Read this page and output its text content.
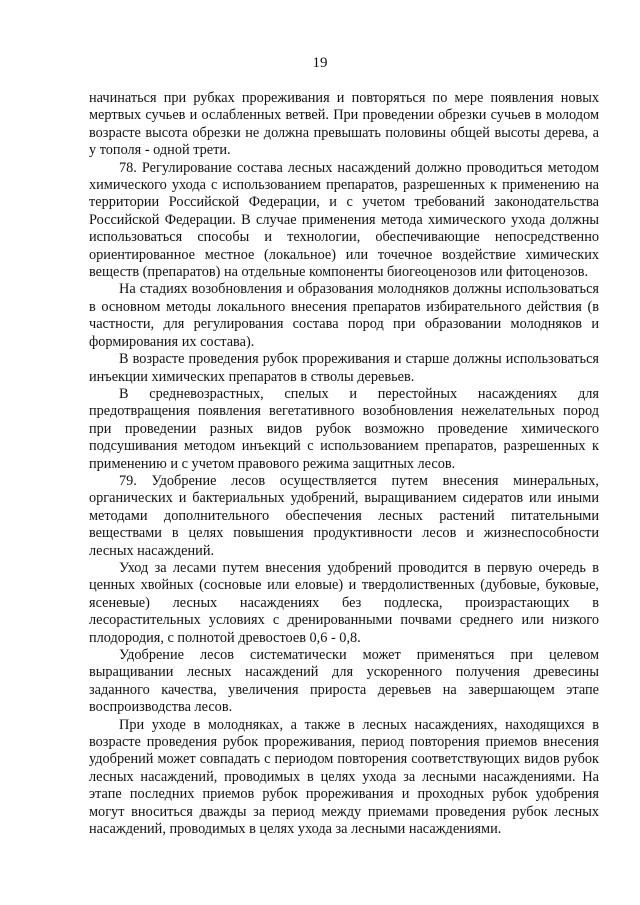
19

начинаться при рубках прореживания и повторяться по мере появления новых мертвых сучьев и ослабленных ветвей. При проведении обрезки сучьев в молодом возрасте высота обрезки не должна превышать половины общей высоты дерева, а у тополя - одной трети.

78. Регулирование состава лесных насаждений должно проводиться методом химического ухода с использованием препаратов, разрешенных к применению на территории Российской Федерации, и с учетом требований законодательства Российской Федерации. В случае применения метода химического ухода должны использоваться способы и технологии, обеспечивающие непосредственно ориентированное местное (локальное) или точечное воздействие химических веществ (препаратов) на отдельные компоненты биогеоценозов или фитоценозов.

На стадиях возобновления и образования молодняков должны использоваться в основном методы локального внесения препаратов избирательного действия (в частности, для регулирования состава пород при образовании молодняков и формирования их состава).

В возрасте проведения рубок прореживания и старше должны использоваться инъекции химических препаратов в стволы деревьев.

В средневозрастных, спелых и перестойных насаждениях для предотвращения появления вегетативного возобновления нежелательных пород при проведении разных видов рубок возможно проведение химического подсушивания методом инъекций с использованием препаратов, разрешенных к применению и с учетом правового режима защитных лесов.

79. Удобрение лесов осуществляется путем внесения минеральных, органических и бактериальных удобрений, выращиванием сидератов или иными методами дополнительного обеспечения лесных растений питательными веществами в целях повышения продуктивности лесов и жизнеспособности лесных насаждений.

Уход за лесами путем внесения удобрений проводится в первую очередь в ценных хвойных (сосновые или еловые) и твердолиственных (дубовые, буковые, ясеневые) лесных насаждениях без подлеска, произрастающих в лесорастительных условиях с дренированными почвами среднего или низкого плодородия, с полнотой древостоев 0,6 - 0,8.

Удобрение лесов систематически может применяться при целевом выращивании лесных насаждений для ускоренного получения древесины заданного качества, увеличения прироста деревьев на завершающем этапе воспроизводства лесов.

При уходе в молодняках, а также в лесных насаждениях, находящихся в возрасте проведения рубок прореживания, период повторения приемов внесения удобрений может совпадать с периодом повторения соответствующих видов рубок лесных насаждений, проводимых в целях ухода за лесными насаждениями. На этапе последних приемов рубок прореживания и проходных рубок удобрения могут вноситься дважды за период между приемами проведения рубок лесных насаждений, проводимых в целях ухода за лесными насаждениями.
